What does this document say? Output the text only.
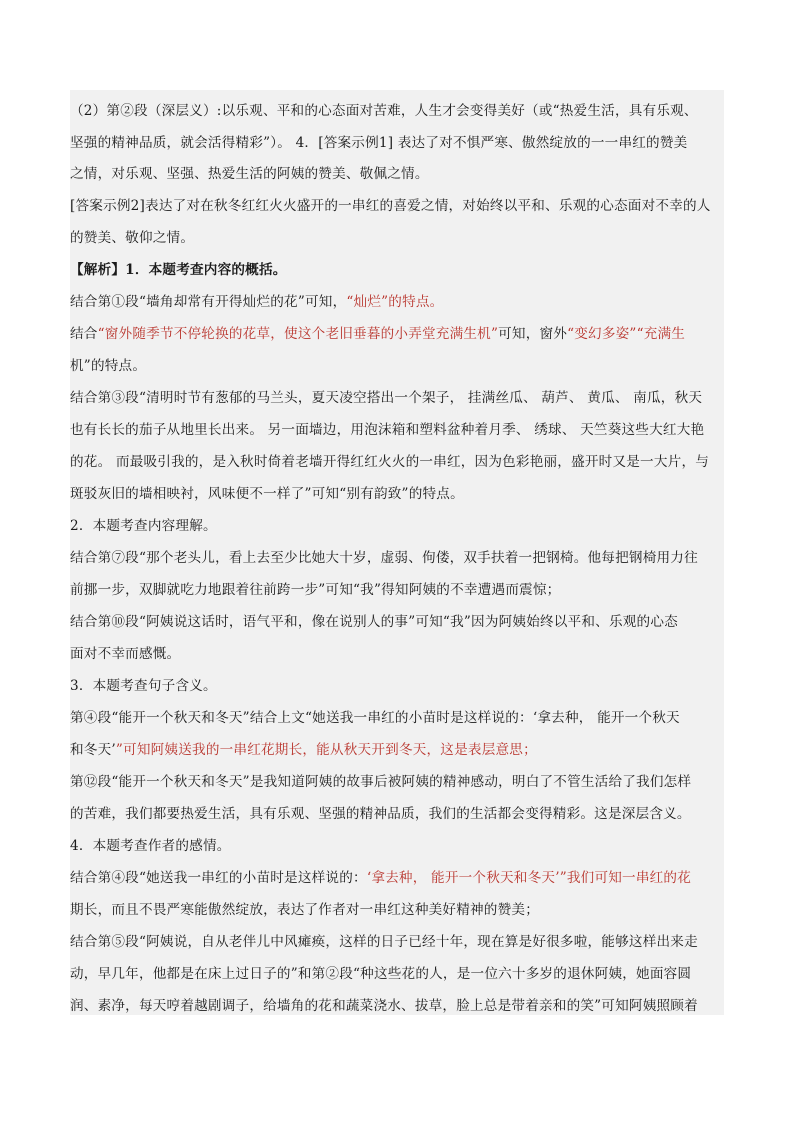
（2）第②段（深层义）:以乐观、平和的心态面对苦难，人生才会变得美好（或“热爱生活，具有乐观、
坚强的精神品质，就会活得精彩”）。 4．[答案示例1] 表达了对不惧严寒、傲然绽放的一一串红的赞美
之情，对乐观、坚强、热爱生活的阿姨的赞美、敬佩之情。
[答案示例2]表达了对在秋冬红红火火盛开的一串红的喜爱之情，对始终以平和、乐观的心态面对不幸的人
的赞美、敬仰之情。
【解析】1．本题考查内容的概括。
结合第①段“墙角却常有开得灿烂的花”可知，“灿烂”的特点。
结合“窗外随季节不停轮换的花草，使这个老旧垂暮的小弄堂充满生机”可知，窗外“变幻多姿”“充满生
机”的特点。
结合第③段“清明时节有葱郁的马兰头，夏天凌空搭出一个架子， 挂满丝瓜、 葫芦、 黄瓜、 南瓜，秋天
也有长长的茄子从地里长出来。 另一面墙边，用泡沫箱和塑料盆种着月季、 绣球、 天竺葵这些大红大艳
的花。 而最吸引我的，是入秋时倚着老墙开得红红火火的一串红，因为色彩艳丽，盛开时又是一大片，与
斑驳灰旧的墙相映衬，风味便不一样了”可知“别有韵致”的特点。
2．本题考查内容理解。
结合第⑦段“那个老头儿，看上去至少比她大十岁，虚弱、佝偻，双手扶着一把钢椅。他每把钢椅用力往
前挪一步，双脚就吃力地跟着往前跨一步”可知“我”得知阿姨的不幸遭遇而震惊；
结合第⑩段“阿姨说这话时，语气平和，像在说别人的事”可知“我”因为阿姨始终以平和、乐观的心态
面对不幸而感慨。
3．本题考查句子含义。
第④段“能开一个秋天和冬天”结合上文“她送我一串红的小苗时是这样说的：‘拿去种， 能开一个秋天
和冬天’”可知阿姨送我的一串红花期长，能从秋天开到冬天，这是表层意思；
第⑫段“能开一个秋天和冬天”是我知道阿姨的故事后被阿姨的精神感动，明白了不管生活给了我们怎样
的苦难，我们都要热爱生活，具有乐观、坚强的精神品质，我们的生活都会变得精彩。这是深层含义。
4．本题考查作者的感情。
结合第④段“她送我一串红的小苗时是这样说的：‘拿去种， 能开一个秋天和冬天’”我们可知一串红的花
期长，而且不畏严寒能傲然绽放，表达了作者对一串红这种美好精神的赞美；
结合第⑤段“阿姨说，自从老伴儿中风瘫痪，这样的日子已经十年，现在算是好很多啦，能够这样出来走
动，早几年，他都是在床上过日子的”和第②段“种这些花的人，是一位六十多岁的退休阿姨，她面容圆
润、素净，每天哼着越剧调子，给墙角的花和蔬菜浇水、拔草，脸上总是带着亲和的笑”可知阿姨照顾着
